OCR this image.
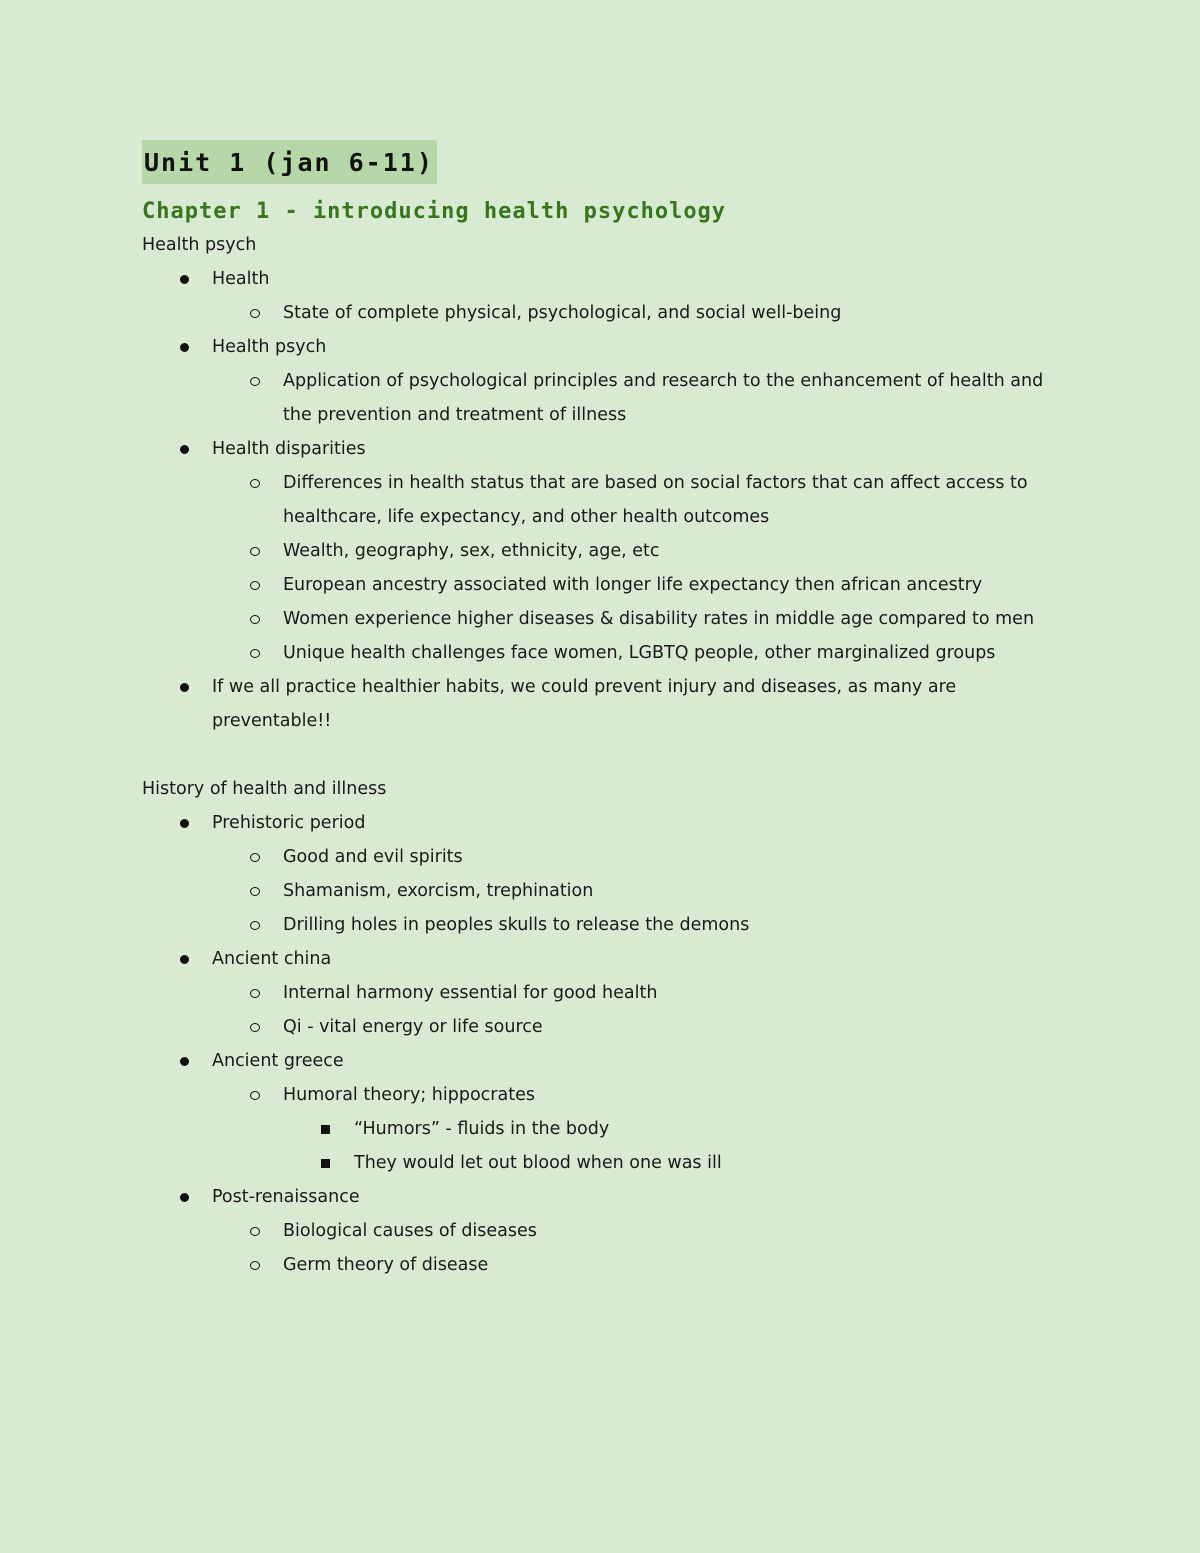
Unit 1 (jan 6-11)
Chapter 1 - introducing health psychology

Health psych

Health
State of complete physical, psychological, and social well-being
Health psych
Application of psychological principles and research to the enhancement of health and the prevention and treatment of illness
Health disparities
Differences in health status that are based on social factors that can affect access to healthcare, life expectancy, and other health outcomes
Wealth, geography, sex, ethnicity, age, etc
European ancestry associated with longer life expectancy then african ancestry
Women experience higher diseases & disability rates in middle age compared to men
Unique health challenges face women, LGBTQ people, other marginalized groups
If we all practice healthier habits, we could prevent injury and diseases, as many are preventable!!

History of health and illness

Prehistoric period
Good and evil spirits
Shamanism, exorcism, trephination
Drilling holes in peoples skulls to release the demons
Ancient china
Internal harmony essential for good health
Qi - vital energy or life source
Ancient greece
Humoral theory; hippocrates
“Humors” - fluids in the body
They would let out blood when one was ill
Post-renaissance
Biological causes of diseases
Germ theory of disease
